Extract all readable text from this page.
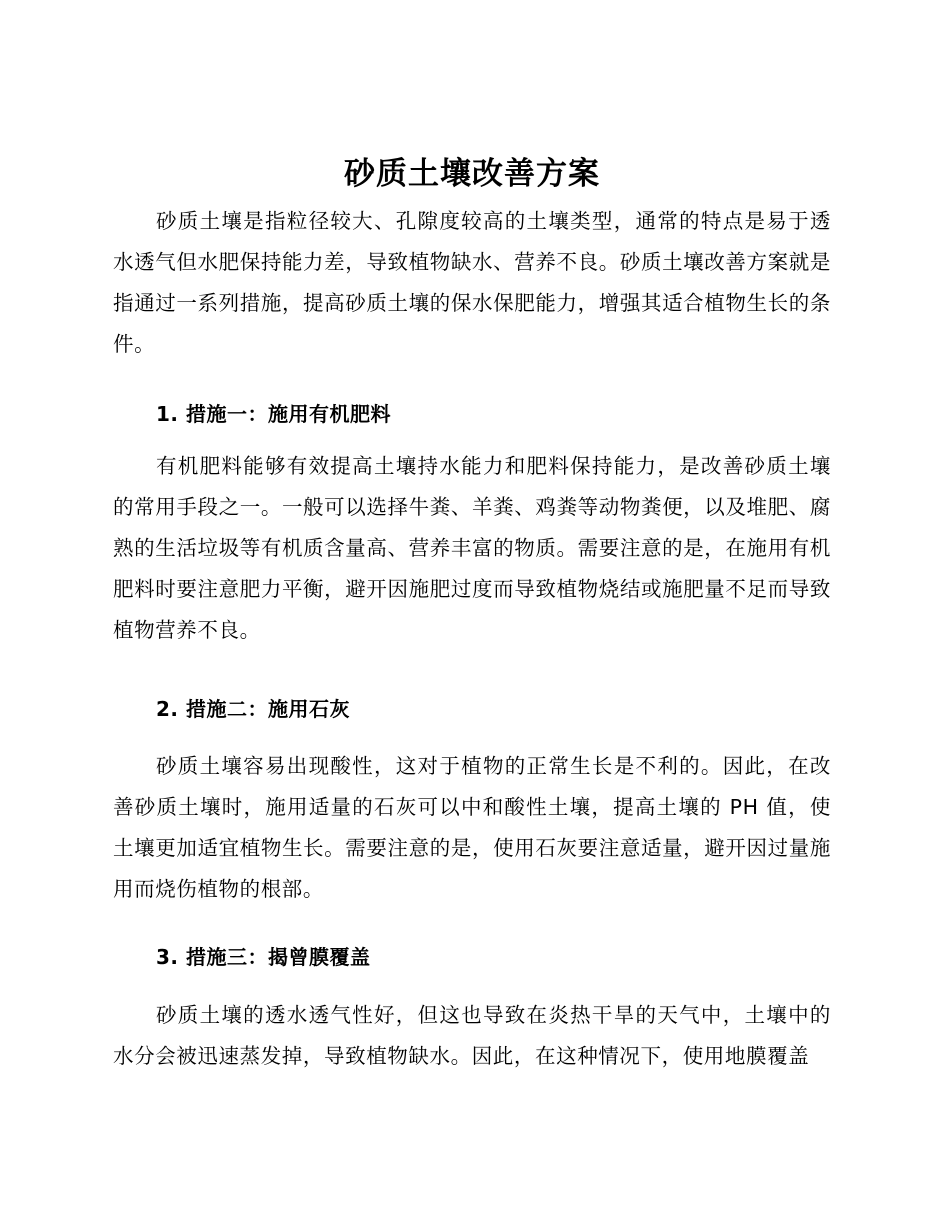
砂质土壤改善方案

砂质土壤是指粒径较大、孔隙度较高的土壤类型，通常的特点是易于透水透气但水肥保持能力差，导致植物缺水、营养不良。砂质土壤改善方案就是指通过一系列措施，提高砂质土壤的保水保肥能力，增强其适合植物生长的条件。

1. 措施一：施用有机肥料

有机肥料能够有效提高土壤持水能力和肥料保持能力，是改善砂质土壤的常用手段之一。一般可以选择牛粪、羊粪、鸡粪等动物粪便，以及堆肥、腐熟的生活垃圾等有机质含量高、营养丰富的物质。需要注意的是，在施用有机肥料时要注意肥力平衡，避开因施肥过度而导致植物烧结或施肥量不足而导致植物营养不良。

2. 措施二：施用石灰

砂质土壤容易出现酸性，这对于植物的正常生长是不利的。因此，在改善砂质土壤时，施用适量的石灰可以中和酸性土壤，提高土壤的 PH 值，使土壤更加适宜植物生长。需要注意的是，使用石灰要注意适量，避开因过量施用而烧伤植物的根部。

3. 措施三：揭曾膜覆盖

砂质土壤的透水透气性好，但这也导致在炎热干旱的天气中，土壤中的水分会被迅速蒸发掉，导致植物缺水。因此，在这种情况下，使用地膜覆盖
